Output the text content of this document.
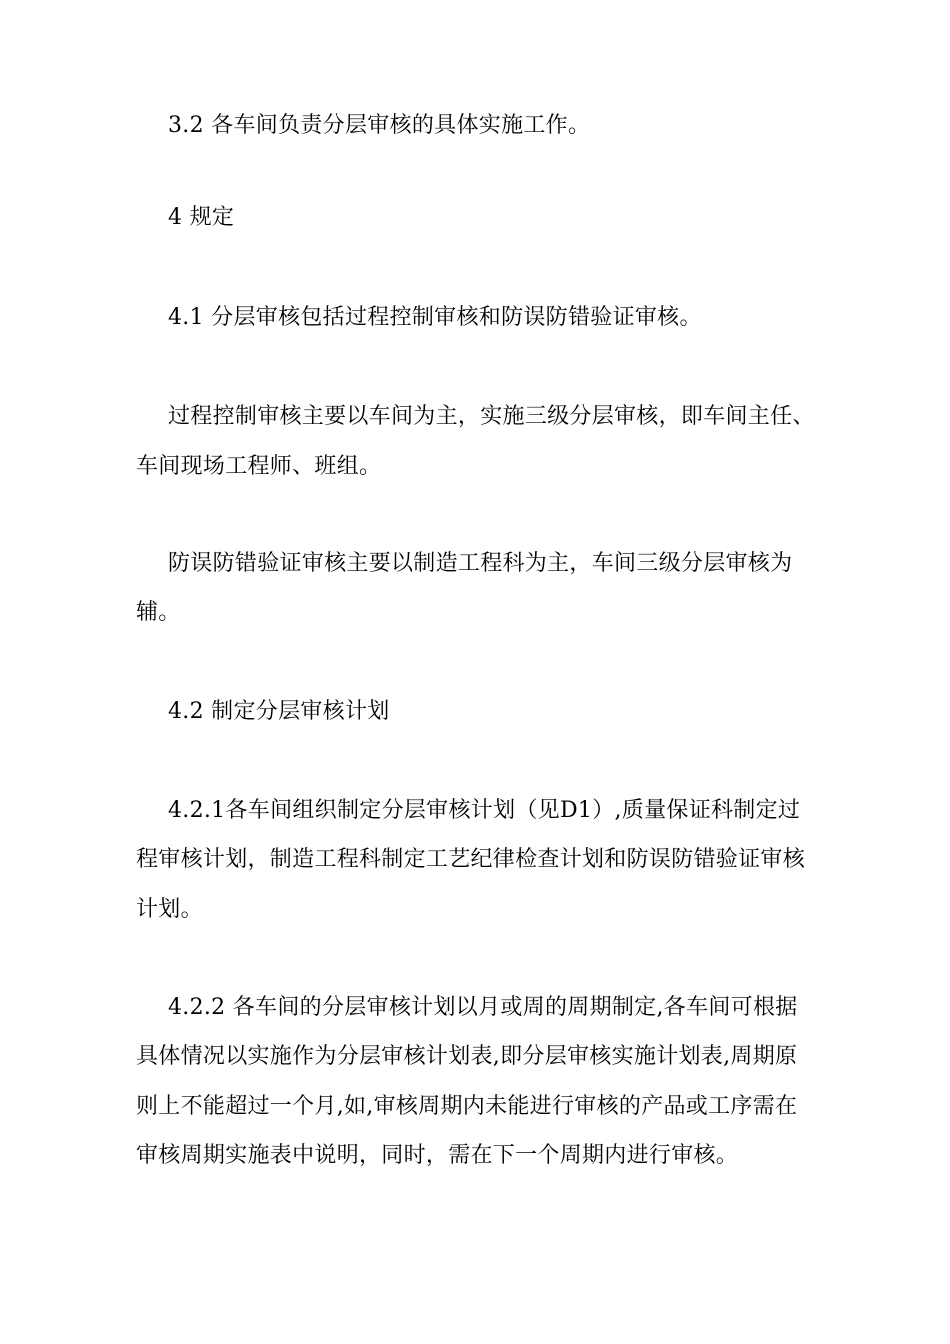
3.2 各车间负责分层审核的具体实施工作。
4 规定
4.1 分层审核包括过程控制审核和防误防错验证审核。
过程控制审核主要以车间为主，实施三级分层审核，即车间主任、
车间现场工程师、班组。
防误防错验证审核主要以制造工程科为主，车间三级分层审核为
辅。
4.2 制定分层审核计划
4.2.1各车间组织制定分层审核计划（见D1）,质量保证科制定过
程审核计划，制造工程科制定工艺纪律检查计划和防误防错验证审核
计划。
4.2.2 各车间的分层审核计划以月或周的周期制定,各车间可根据
具体情况以实施作为分层审核计划表,即分层审核实施计划表,周期原
则上不能超过一个月,如,审核周期内未能进行审核的产品或工序需在
审核周期实施表中说明，同时，需在下一个周期内进行审核。
